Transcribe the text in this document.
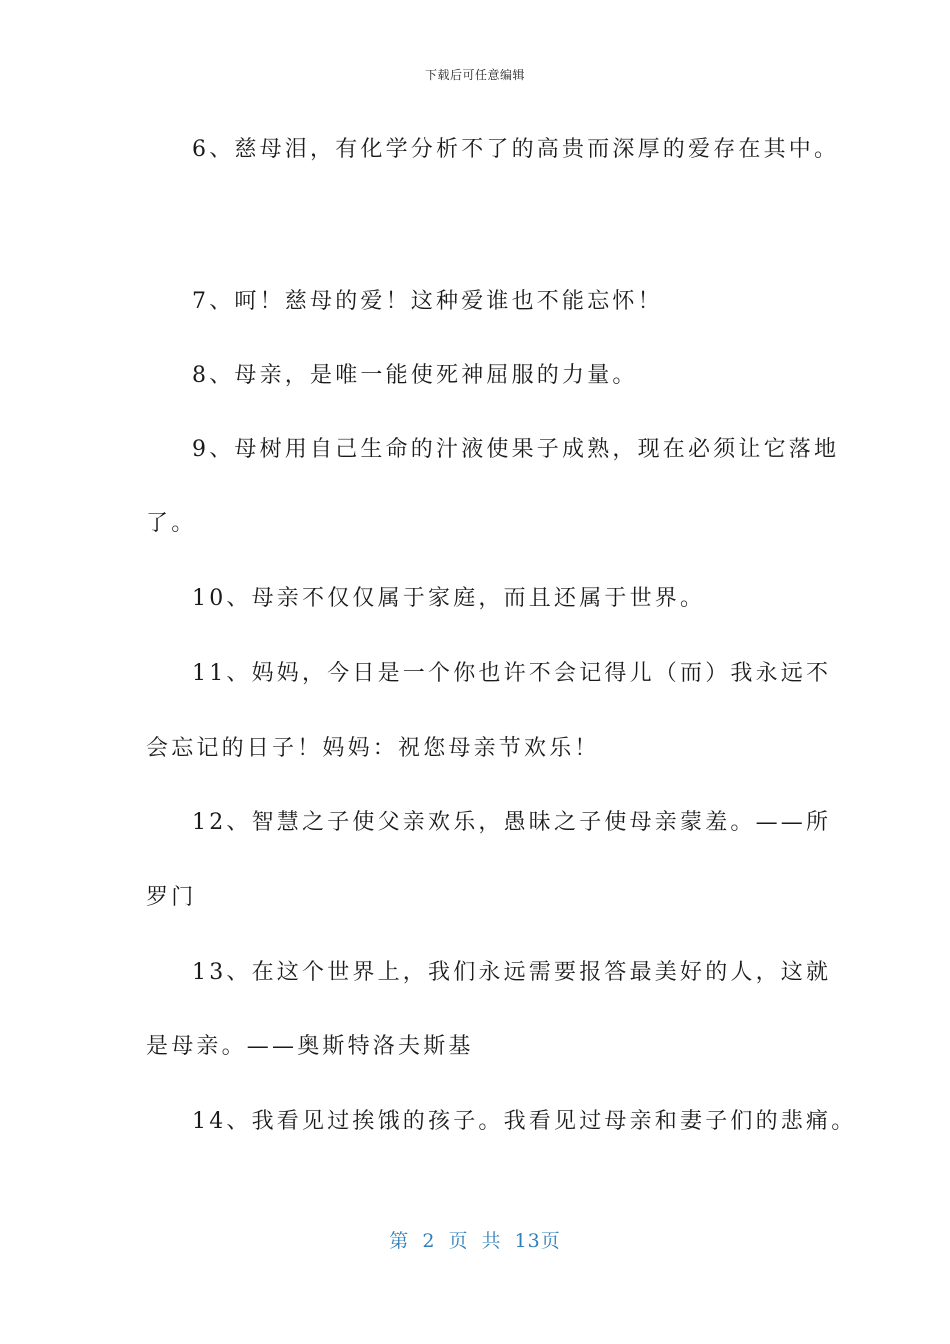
下载后可任意编辑
6、慈母泪，有化学分析不了的高贵而深厚的爱存在其中。
7、呵！慈母的爱！这种爱谁也不能忘怀！
8、母亲，是唯一能使死神屈服的力量。
9、母树用自己生命的汁液使果子成熟，现在必须让它落地
了。
10、母亲不仅仅属于家庭，而且还属于世界。
11、妈妈，今日是一个你也许不会记得儿（而）我永远不
会忘记的日子！妈妈：祝您母亲节欢乐！
12、智慧之子使父亲欢乐，愚昧之子使母亲蒙羞。——所
罗门
13、在这个世界上，我们永远需要报答最美好的人，这就
是母亲。——奥斯特洛夫斯基
14、我看见过挨饿的孩子。我看见过母亲和妻子们的悲痛。
第 2 页 共 13页
